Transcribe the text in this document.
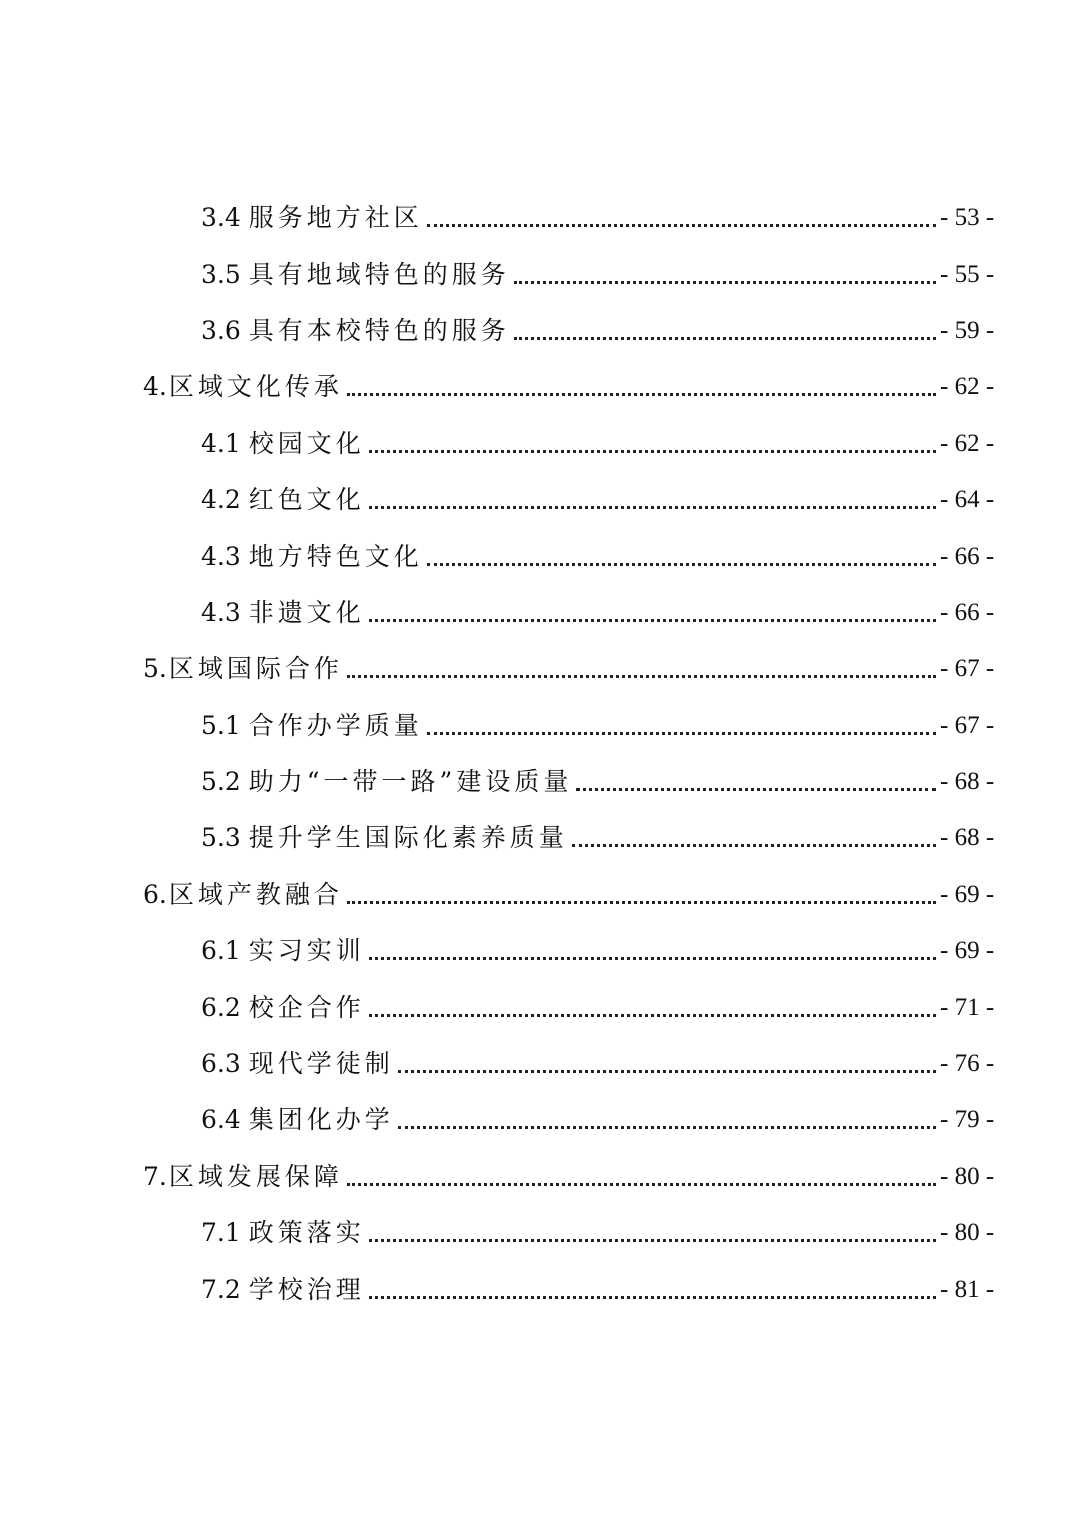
3.4 服务地方社区	- 53 -
3.5 具有地域特色的服务	- 55 -
3.6 具有本校特色的服务	- 59 -
4. 区域文化传承	- 62 -
4.1 校园文化	- 62 -
4.2 红色文化	- 64 -
4.3 地方特色文化	- 66 -
4.3 非遗文化	- 66 -
5. 区域国际合作	- 67 -
5.1 合作办学质量	- 67 -
5.2 助力“一带一路”建设质量	- 68 -
5.3 提升学生国际化素养质量	- 68 -
6. 区域产教融合	- 69 -
6.1 实习实训	- 69 -
6.2 校企合作	- 71 -
6.3 现代学徒制	- 76 -
6.4 集团化办学	- 79 -
7. 区域发展保障	- 80 -
7.1 政策落实	- 80 -
7.2 学校治理	- 81 -
